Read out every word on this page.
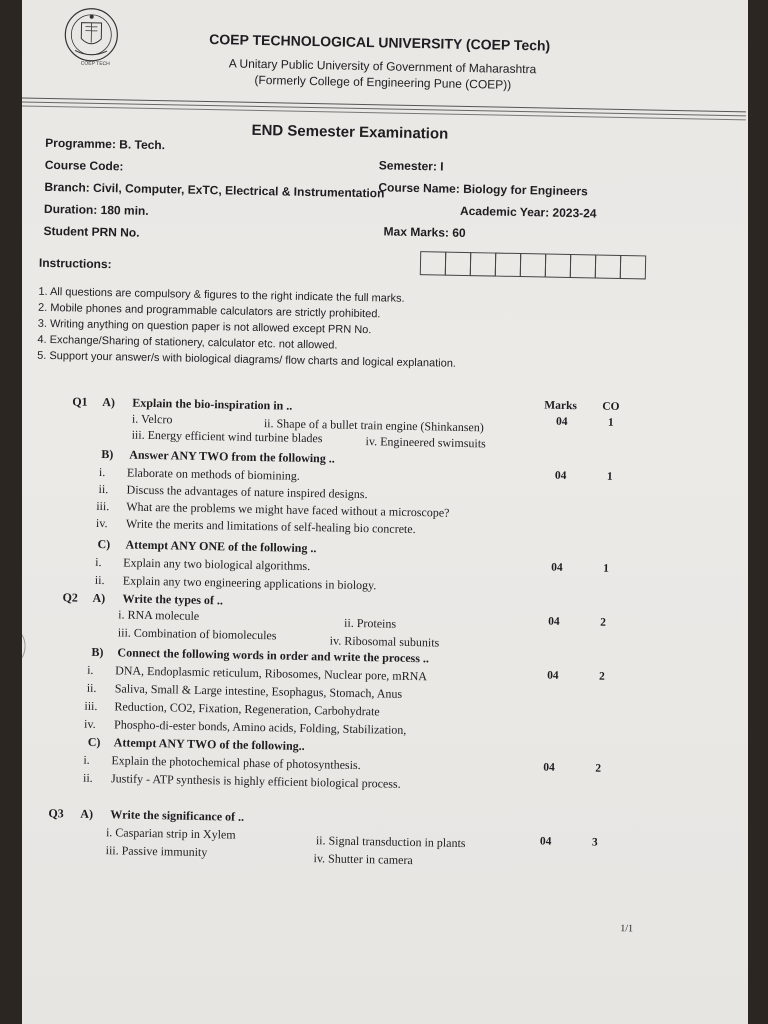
COEP TECH
COEP TECHNOLOGICAL UNIVERSITY (COEP Tech)
A Unitary Public University of Government of Maharashtra
(Formerly College of Engineering Pune (COEP))
END Semester Examination
Programme: B. Tech.
Course Code:	Semester: I
Course Name: Biology for Engineers
Branch: Civil, Computer, ExTC, Electrical & Instrumentation
Academic Year: 2023-24
Duration: 180 min.
Max Marks: 60
Student PRN No.
Instructions:
1. All questions are compulsory & figures to the right indicate the full marks.
2. Mobile phones and programmable calculators are strictly prohibited.
3. Writing anything on question paper is not allowed except PRN No.
4. Exchange/Sharing of stationery, calculator etc. not allowed.
5. Support your answer/s with biological diagrams/ flow charts and logical explanation.
Marks CO
Q1 A) Explain the bio-inspiration in ..
04	1
i. Velcro	ii. Shape of a bullet train engine (Shinkansen)
iii. Energy efficient wind turbine blades	iv. Engineered swimsuits
B) Answer ANY TWO from the following ..
04	1
i. Elaborate on methods of biomining.
ii. Discuss the advantages of nature inspired designs.
iii. What are the problems we might have faced without a microscope?
iv. Write the merits and limitations of self-healing bio concrete.
C) Attempt ANY ONE of the following ..
04	1
i. Explain any two biological algorithms.
ii. Explain any two engineering applications in biology.
Q2 A) Write the types of ..
04	2
i. RNA molecule
ii. Proteins
iii. Combination of biomolecules	iv. Ribosomal subunits
B) Connect the following words in order and write the process ..
04	2
i. DNA, Endoplasmic reticulum, Ribosomes, Nuclear pore, mRNA
ii. Saliva, Small & Large intestine, Esophagus, Stomach, Anus
iii. Reduction, CO2, Fixation, Regeneration, Carbohydrate
iv. Phospho-di-ester bonds, Amino acids, Folding, Stabilization,
C) Attempt ANY TWO of the following..
04	2
i. Explain the photochemical phase of photosynthesis.
ii. Justify - ATP synthesis is highly efficient biological process.
Q3 A) Write the significance of ..
04	3
i. Casparian strip in Xylem	ii. Signal transduction in plants
iii. Passive immunity	iv. Shutter in camera
1/1
